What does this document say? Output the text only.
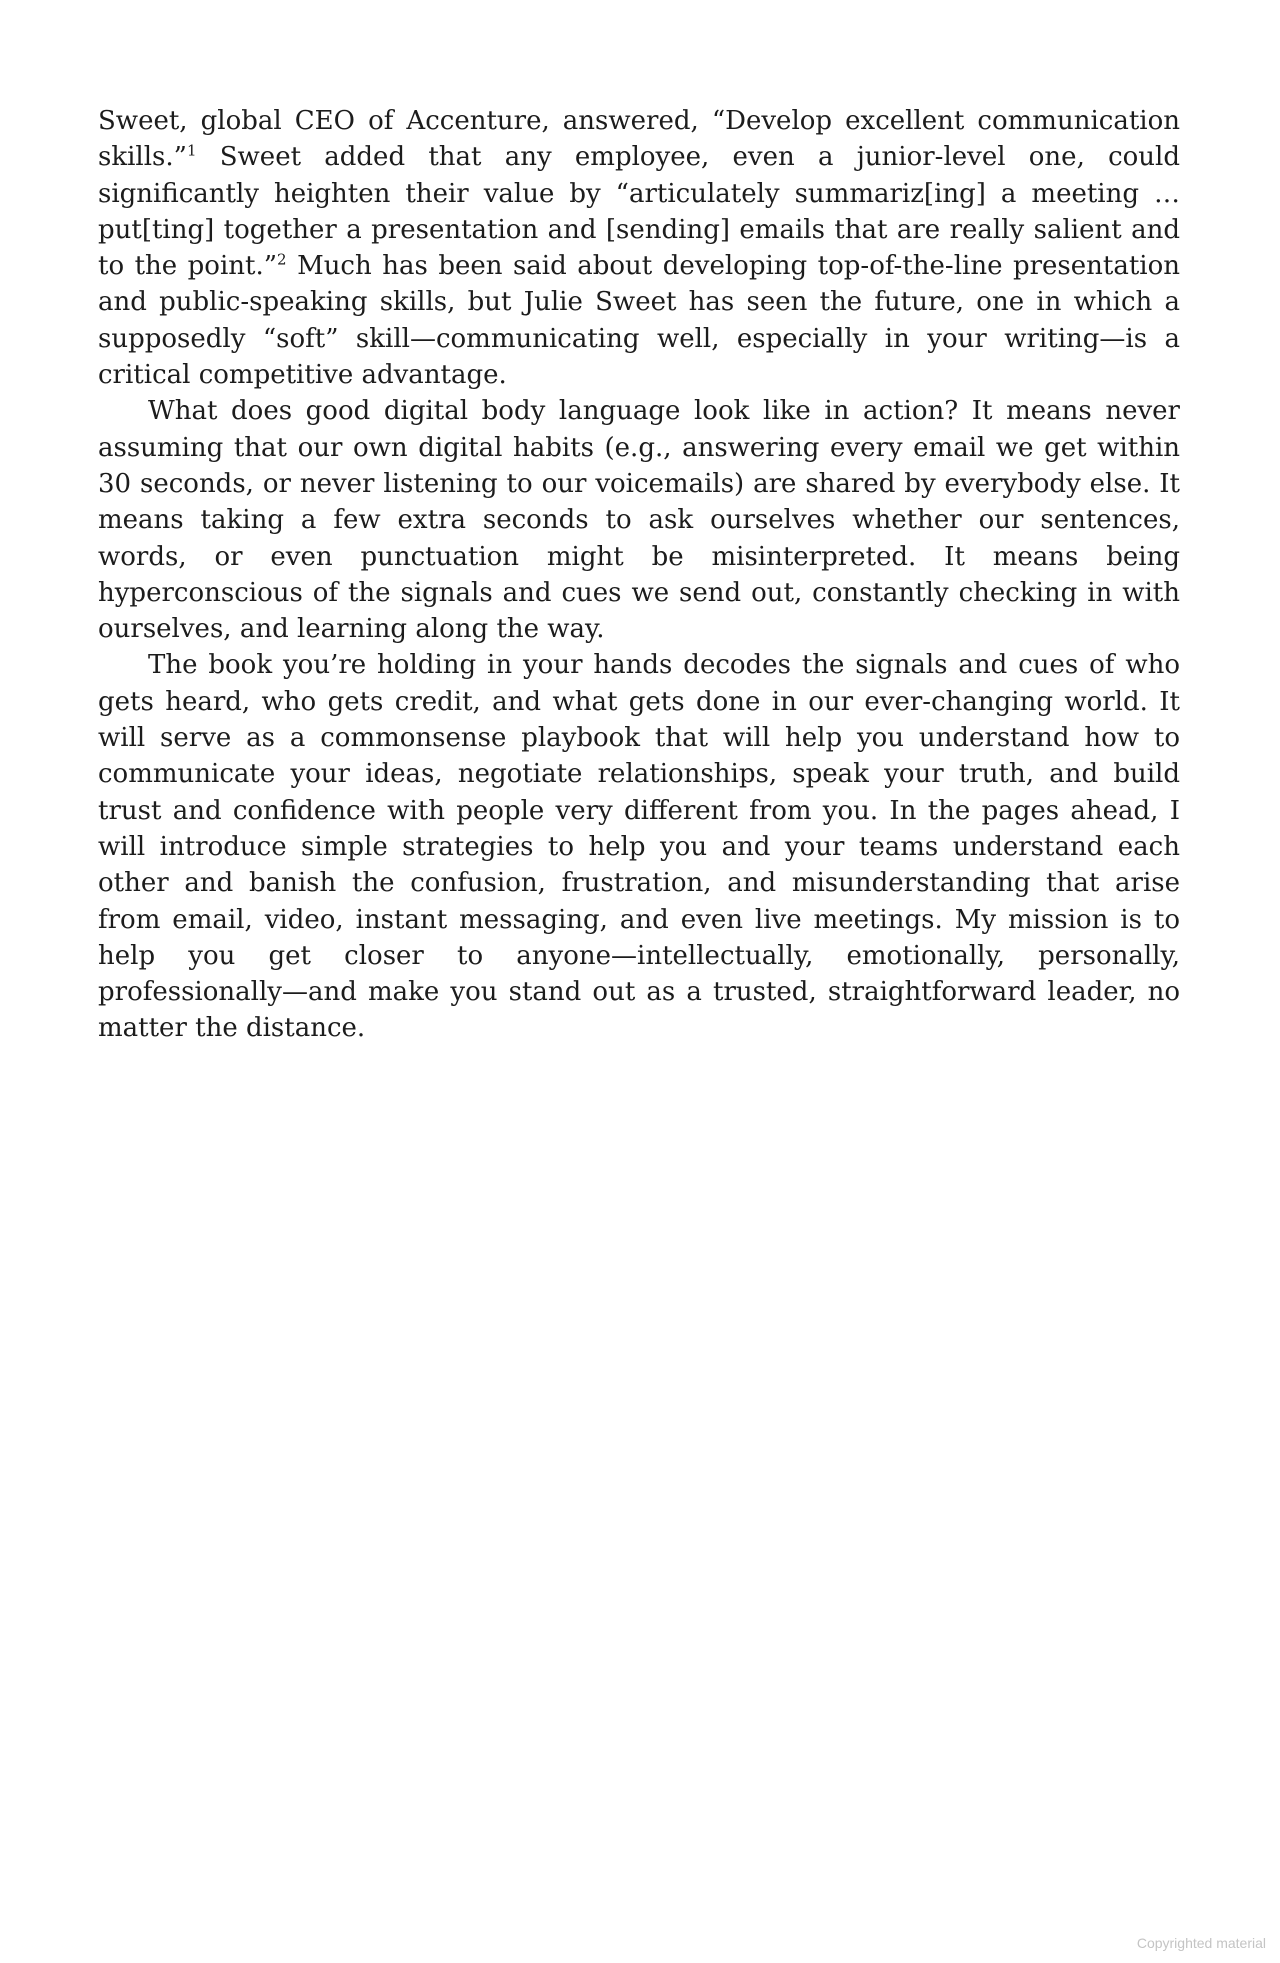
Sweet, global CEO of Accenture, answered, “Develop excellent communication skills.”$^1$ Sweet added that any employee, even a junior-level one, could significantly heighten their value by “articulately summariz[ing] a meeting … put[ting] together a presentation and [sending] emails that are really salient and to the point.”$^2$ Much has been said about developing top-of-the-line presentation and public-speaking skills, but Julie Sweet has seen the future, one in which a supposedly “soft” skill—communicating well, especially in your writing—is a critical competitive advantage.

What does good digital body language look like in action? It means never assuming that our own digital habits (e.g., answering every email we get within 30 seconds, or never listening to our voicemails) are shared by everybody else. It means taking a few extra seconds to ask ourselves whether our sentences, words, or even punctuation might be misinterpreted. It means being hyperconscious of the signals and cues we send out, constantly checking in with ourselves, and learning along the way.

The book you’re holding in your hands decodes the signals and cues of who gets heard, who gets credit, and what gets done in our ever-changing world. It will serve as a commonsense playbook that will help you understand how to communicate your ideas, negotiate relationships, speak your truth, and build trust and confidence with people very different from you. In the pages ahead, I will introduce simple strategies to help you and your teams understand each other and banish the confusion, frustration, and misunderstanding that arise from email, video, instant messaging, and even live meetings. My mission is to help you get closer to anyone—intellectually, emotionally, personally, professionally—and make you stand out as a trusted, straightforward leader, no matter the distance.

Copyrighted material
